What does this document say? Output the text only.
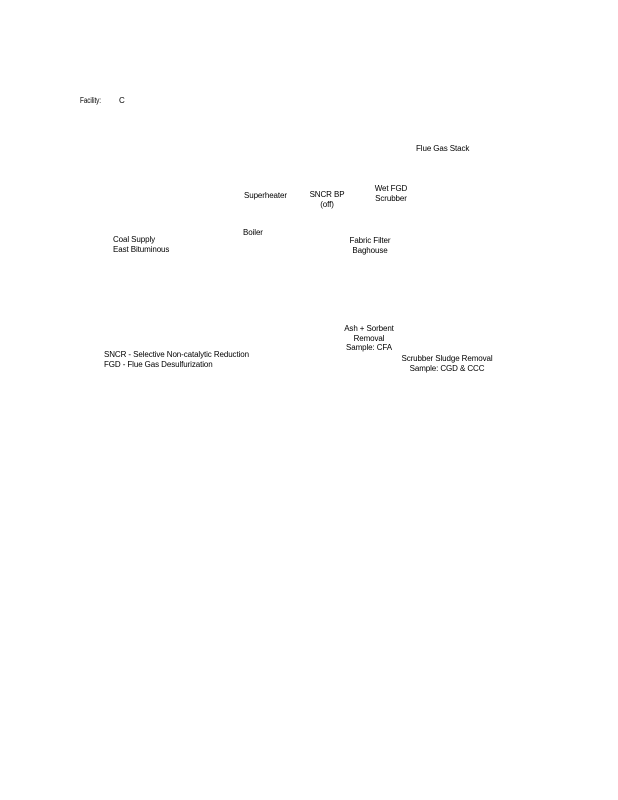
Facility: C
Flue Gas Stack
Wet FGD
Scrubber
Superheater	SNCR BP
(off)
Boiler
Coal Supply
East Bituminous
Fabric Filter
Baghouse
Ash + Sorbent
Removal
Sample: CFA
SNCR - Selective Non-catalytic Reduction
FGD - Flue Gas Desulfurization
Scrubber Sludge Removal
Sample: CGD & CCC
